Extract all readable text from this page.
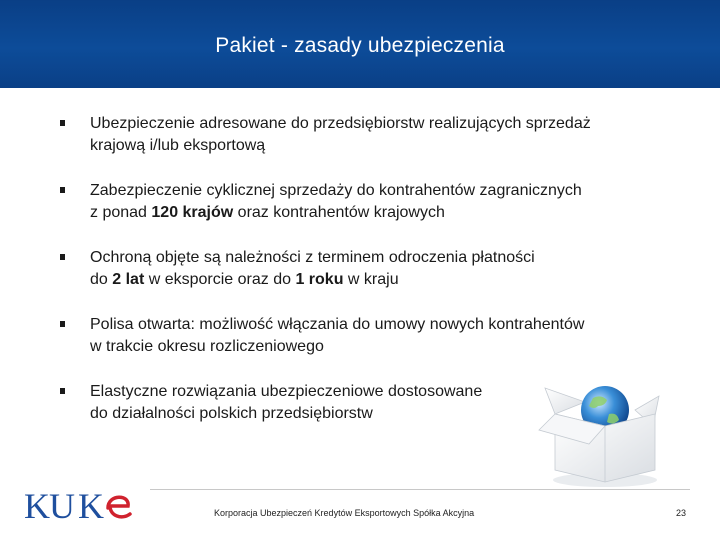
Pakiet - zasady ubezpieczenia
Ubezpieczenie adresowane do przedsiębiorstw realizujących sprzedaż
krajową i/lub eksportową
Zabezpieczenie cyklicznej sprzedaży do kontrahentów zagranicznych
z ponad 120 krajów oraz kontrahentów krajowych
Ochroną objęte są należności z terminem odroczenia płatności
do 2 lat w eksporcie oraz do 1 roku w kraju
Polisa otwarta: możliwość włączania do umowy nowych kontrahentów
w trakcie okresu rozliczeniowego
Elastyczne rozwiązania ubezpieczeniowe dostosowane
do działalności polskich przedsiębiorstw
KU K	Korporacja Ubezpieczeń Kredytów Eksportowych Spółka Akcyjna	23
